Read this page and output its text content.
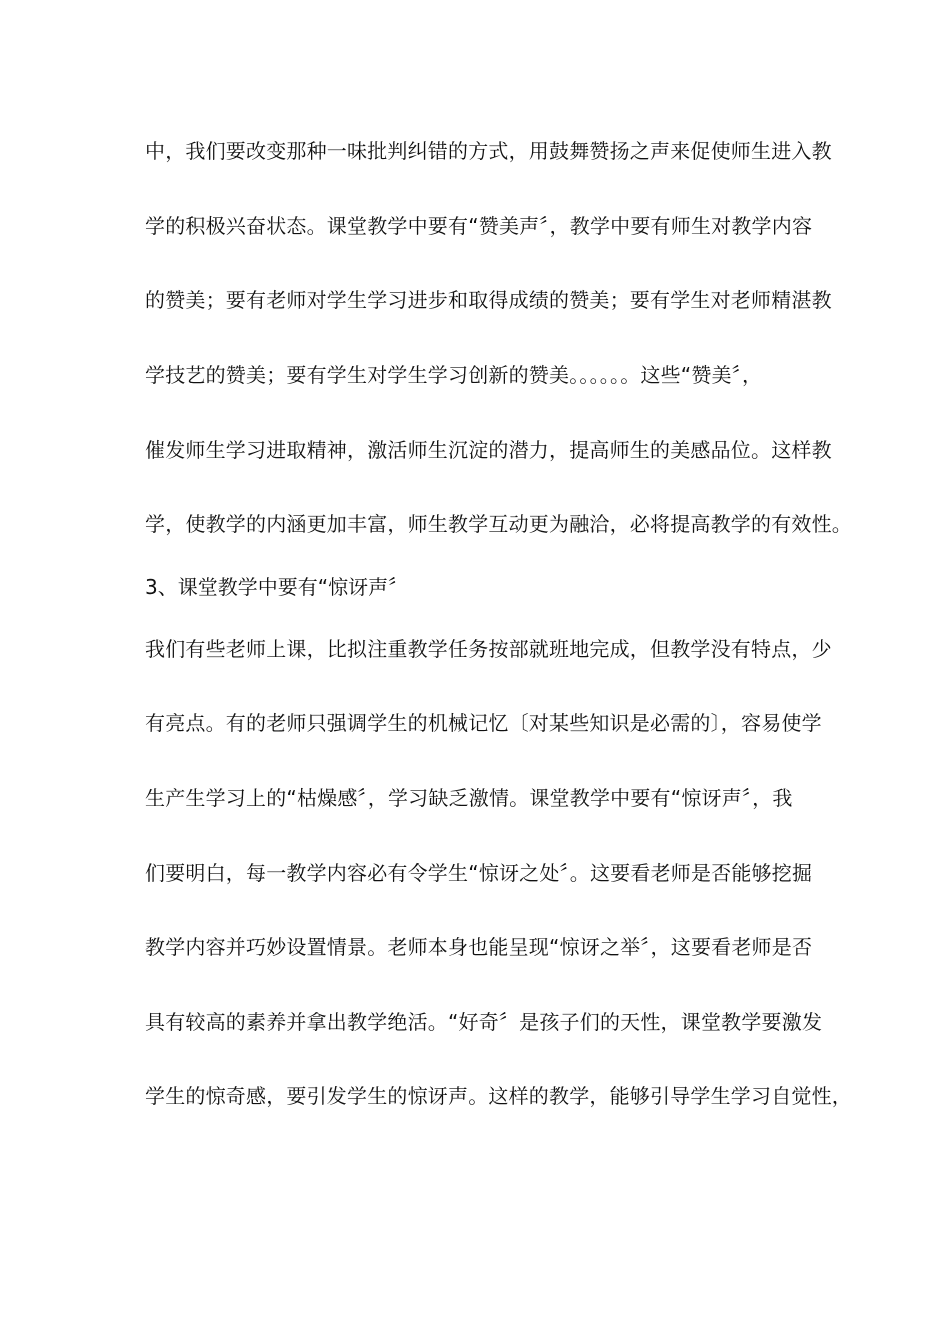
中，我们要改变那种一味批判纠错的方式，用鼓舞赞扬之声来促使师生进入教
学的积极兴奋状态。课堂教学中要有“赞美声〞，教学中要有师生对教学内容
的赞美；要有老师对学生学习进步和取得成绩的赞美；要有学生对老师精湛教
学技艺的赞美；要有学生对学生学习创新的赞美。。。。。。这些“赞美〞，
催发师生学习进取精神，激活师生沉淀的潜力，提高师生的美感品位。这样教
学，使教学的内涵更加丰富，师生教学互动更为融洽，必将提高教学的有效性。
3、课堂教学中要有“惊讶声〞
我们有些老师上课，比拟注重教学任务按部就班地完成，但教学没有特点，少
有亮点。有的老师只强调学生的机械记忆〔对某些知识是必需的〕，容易使学
生产生学习上的“枯燥感〞，学习缺乏激情。课堂教学中要有“惊讶声〞，我
们要明白，每一教学内容必有令学生“惊讶之处〞。这要看老师是否能够挖掘
教学内容并巧妙设置情景。老师本身也能呈现“惊讶之举〞，这要看老师是否
具有较高的素养并拿出教学绝活。“好奇〞是孩子们的天性，课堂教学要激发
学生的惊奇感，要引发学生的惊讶声。这样的教学，能够引导学生学习自觉性，
